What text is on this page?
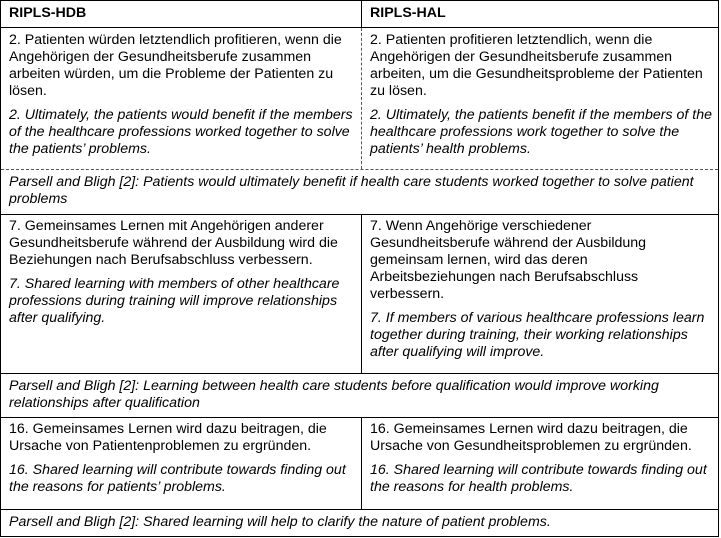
RIPLS-HDB	RIPLS-HAL

2. Patienten würden letztendlich profitieren, wenn die Angehörigen der Gesundheitsberufe zusammen arbeiten würden, um die Probleme der Patienten zu lösen.

2. Ultimately, the patients would benefit if the members of the healthcare professions worked together to solve the patients’ problems.

2. Patienten profitieren letztendlich, wenn die Angehörigen der Gesundheitsberufe zusammen arbeiten, um die Gesundheitsprobleme der Patienten zu lösen.

2. Ultimately, the patients benefit if the members of the healthcare professions work together to solve the patients’ health problems.

Parsell and Bligh [2]: Patients would ultimately benefit if health care students worked together to solve patient problems

7. Gemeinsames Lernen mit Angehörigen anderer Gesundheitsberufe während der Ausbildung wird die Beziehungen nach Berufsabschluss verbessern.

7. Shared learning with members of other healthcare professions during training will improve relationships after qualifying.

7. Wenn Angehörige verschiedener Gesundheitsberufe während der Ausbildung gemeinsam lernen, wird das deren Arbeitsbeziehungen nach Berufsabschluss verbessern.

7. If members of various healthcare professions learn together during training, their working relationships after qualifying will improve.

Parsell and Bligh [2]: Learning between health care students before qualification would improve working relationships after qualification

16. Gemeinsames Lernen wird dazu beitragen, die Ursache von Patientenproblemen zu ergründen.

16. Shared learning will contribute towards finding out the reasons for patients’ problems.

16. Gemeinsames Lernen wird dazu beitragen, die Ursache von Gesundheitsproblemen zu ergründen.

16. Shared learning will contribute towards finding out the reasons for health problems.

Parsell and Bligh [2]: Shared learning will help to clarify the nature of patient problems.
